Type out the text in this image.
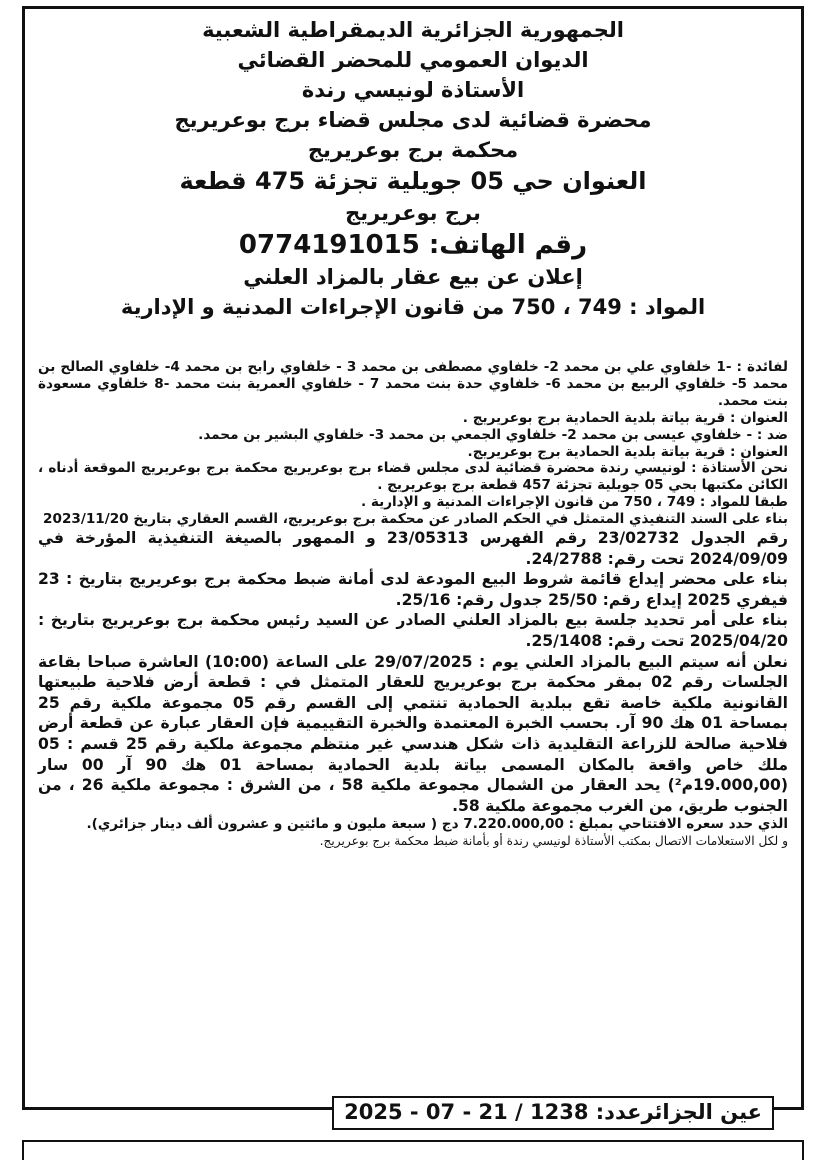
الجمهورية الجزائرية الديمقراطية الشعبية
الديوان العمومي للمحضر القضائي
الأستاذة لونيسي رندة
محضرة قضائية لدى مجلس قضاء برج بوعريريج
محكمة برج بوعريريج
العنوان حي 05 جويلية تجزئة 475 قطعة
برج بوعريريج
رقم الهاتف: 0774191015
إعلان عن بيع عقار بالمزاد العلني
المواد : 749 ، 750 من قانون الإجراءات المدنية و الإدارية

لفائدة : -1 خلفاوي علي بن محمد 2- خلفاوي مصطفى بن محمد 3 - خلفاوي رابح بن محمد 4- خلفاوي الصالح بن محمد 5- خلفاوي الربيع بن محمد 6- خلفاوي حدة بنت محمد 7 - خلفاوي العمرية بنت محمد -8 خلفاوي مسعودة بنت محمد.

العنوان : قرية بياتة بلدية الحمادية برج بوعريريج .

ضد : - خلفاوي عيسى بن محمد 2- خلفاوي الجمعي بن محمد 3- خلفاوي البشير بن محمد.

العنوان : قرية بياتة بلدية الحمادية برج بوعريريج.

نحن الأستاذة : لونيسي رندة محضرة قضائية لدى مجلس قضاء برج بوعريريج محكمة برج بوعريريج الموقعة أدناه ، الكائن مكتبها بحي 05 جويلية تجزئة 457 قطعة برج بوعريريج .

طبقا للمواد : 749 ، 750 من قانون الإجراءات المدنية و الإدارية .

بناء على السند التنفيذي المتمثل في الحكم الصادر عن محكمة برج بوعريريج، القسم العقاري بتاريخ 2023/11/20

رقم الجدول 23/02732 رقم الفهرس 23/05313 و الممهور بالصيغة التنفيذية المؤرخة في 2024/09/09 تحت رقم: 24/2788.

بناء على محضر إيداع قائمة شروط البيع المودعة لدى أمانة ضبط محكمة برج بوعريريج بتاريخ : 23 فيفري 2025 إيداع رقم: 25/50 جدول رقم: 25/16.

بناء على أمر تحديد جلسة بيع بالمزاد العلني الصادر عن السيد رئيس محكمة برج بوعريريج بتاريخ : 2025/04/20 تحت رقم: 25/1408.

نعلن أنه سيتم البيع بالمزاد العلني يوم : 29/07/2025 على الساعة (10:00) العاشرة صباحا بقاعة الجلسات رقم 02 بمقر محكمة برج بوعريريج للعقار المتمثل في : قطعة أرض فلاحية طبيعتها القانونية ملكية خاصة تقع ببلدية الحمادية تنتمي إلى القسم رقم 05 مجموعة ملكية رقم 25 بمساحة 01 هك 90 آر. بحسب الخبرة المعتمدة والخبرة التقييمية فإن العقار عبارة عن قطعة أرض فلاحية صالحة للزراعة التقليدية ذات شكل هندسي غير منتظم مجموعة ملكية رقم 25 قسم : 05 ملك خاص واقعة بالمكان المسمى بياتة بلدية الحمادية بمساحة 01 هك 90 آر 00 سار (19.000,00م²) يحد العقار من الشمال مجموعة ملكية 58 ، من الشرق : مجموعة ملكية 26 ، من الجنوب طريق، من الغرب مجموعة ملكية 58.

الذي حدد سعره الافتتاحي بمبلغ : 7.220.000,00 دج ( سبعة مليون و مائتين و عشرون ألف دينار جزائري).

و لكل الاستعلامات الاتصال بمكتب الأستاذة لونيسي رندة أو بأمانة ضبط محكمة برج بوعريريج.

عين الجزائرعدد: 1238 / 21 - 07 - 2025
